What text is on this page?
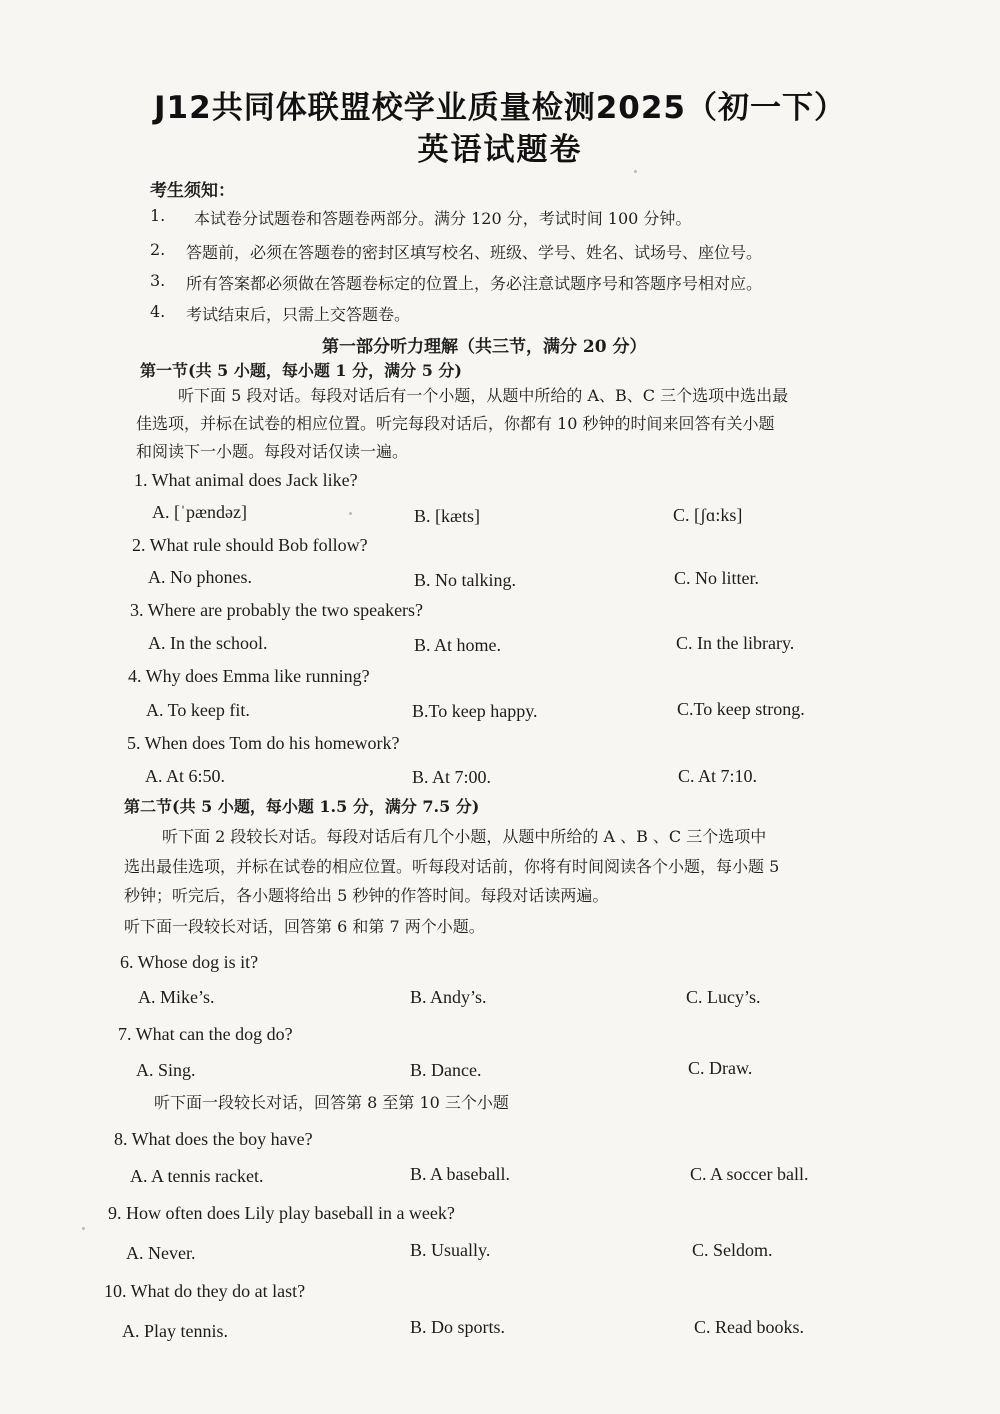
J12共同体联盟校学业质量检测2025（初一下）
英语试题卷
考生须知：
1. 本试卷分试题卷和答题卷两部分。满分 120 分，考试时间 100 分钟。
2. 答题前，必须在答题卷的密封区填写校名、班级、学号、姓名、试场号、座位号。
3. 所有答案都必须做在答题卷标定的位置上，务必注意试题序号和答题序号相对应。
4. 考试结束后，只需上交答题卷。
第一部分听力理解（共三节，满分 20 分）
第一节(共 5 小题，每小题 1 分，满分 5 分)
听下面 5 段对话。每段对话后有一个小题，从题中所给的 A、B、C 三个选项中选出最
佳选项，并标在试卷的相应位置。听完每段对话后，你都有 10 秒钟的时间来回答有关小题
和阅读下一小题。每段对话仅读一遍。
1. What animal does Jack like?
A. [ˈpændəz]	B. [kæts]	C. [ʃɑ:ks]
2. What rule should Bob follow?
A. No phones.	B. No talking.	C. No litter.
3. Where are probably the two speakers?
A. In the school.	B. At home.	C. In the library.
4. Why does Emma like running?
A. To keep fit.	B.To keep happy.	C.To keep strong.
5. When does Tom do his homework?
A. At 6:50.	B. At 7:00.	C. At 7:10.
第二节(共 5 小题，每小题 1.5 分，满分 7.5 分)
听下面 2 段较长对话。每段对话后有几个小题，从题中所给的 A 、B 、C 三个选项中
选出最佳选项，并标在试卷的相应位置。听每段对话前，你将有时间阅读各个小题，每小题 5
秒钟；听完后，各小题将给出 5 秒钟的作答时间。每段对话读两遍。
听下面一段较长对话，回答第 6 和第 7 两个小题。
6. Whose dog is it?
A. Mike’s.	B. Andy’s.	C. Lucy’s.
7. What can the dog do?
A. Sing.	B. Dance.	C. Draw.
听下面一段较长对话，回答第 8 至第 10 三个小题
8. What does the boy have?
A. A tennis racket.	B. A baseball.	C. A soccer ball.
9. How often does Lily play baseball in a week?
A. Never.	B. Usually.	C. Seldom.
10. What do they do at last?
A. Play tennis.	B. Do sports.	C. Read books.
